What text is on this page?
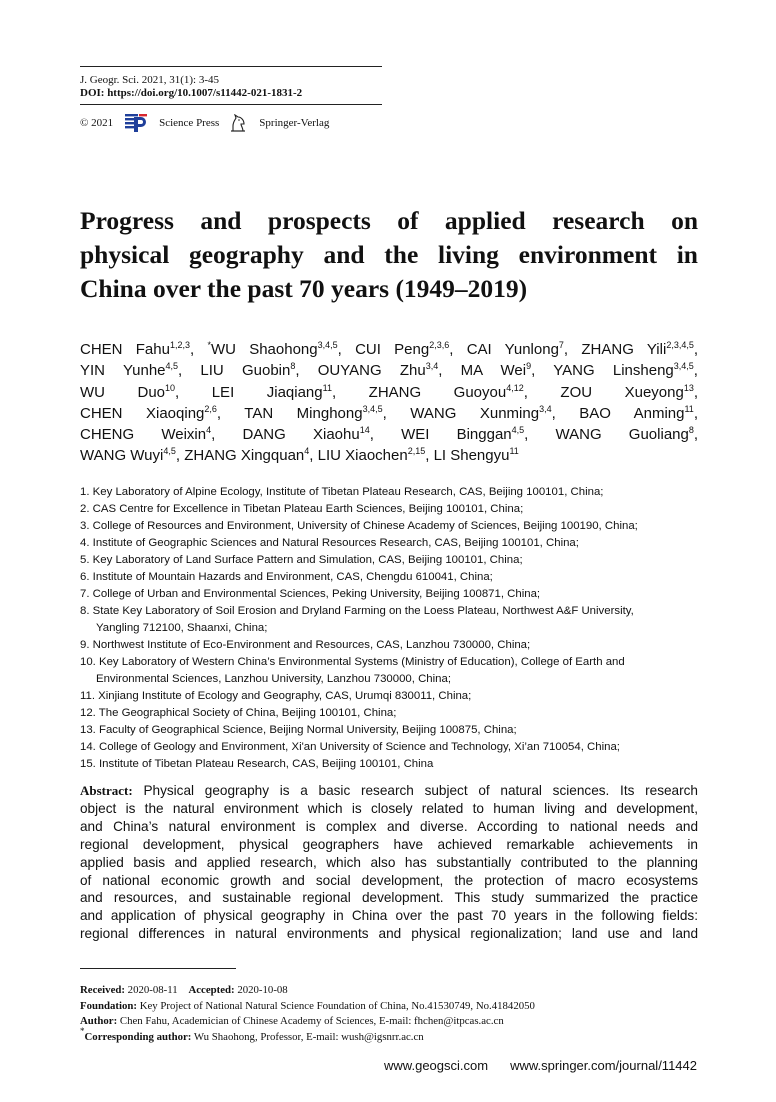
J. Geogr. Sci. 2021, 31(1): 3-45
DOI: https://doi.org/10.1007/s11442-021-1831-2
© 2021	Science Press	Springer-Verlag
Progress and prospects of applied research on
physical geography and the living environment in
China over the past 70 years (1949–2019)
CHEN Fahu$^{1,2,3}$, *WU Shaohong$^{3,4,5}$, CUI Peng$^{2,3,6}$, CAI Yunlong$^7$, ZHANG Yili$^{2,3,4,5}$,
YIN Yunhe$^{4,5}$, LIU Guobin$^8$, OUYANG Zhu$^{3,4}$, MA Wei$^9$, YANG Linsheng$^{3,4,5}$,
WU Duo$^{10}$, LEI Jiaqiang$^{11}$, ZHANG Guoyou$^{4,12}$, ZOU Xueyong$^{13}$,
CHEN Xiaoqing$^{2,6}$, TAN Minghong$^{3,4,5}$, WANG Xunming$^{3,4}$, BAO Anming$^{11}$,
CHENG Weixin$^4$, DANG Xiaohu$^{14}$, WEI Binggan$^{4,5}$, WANG Guoliang$^8$,
WANG Wuyi$^{4,5}$, ZHANG Xingquan$^4$, LIU Xiaochen$^{2,15}$, LI Shengyu$^{11}$
1. Key Laboratory of Alpine Ecology, Institute of Tibetan Plateau Research, CAS, Beijing 100101, China;
2. CAS Centre for Excellence in Tibetan Plateau Earth Sciences, Beijing 100101, China;
3. College of Resources and Environment, University of Chinese Academy of Sciences, Beijing 100190, China;
4. Institute of Geographic Sciences and Natural Resources Research, CAS, Beijing 100101, China;
5. Key Laboratory of Land Surface Pattern and Simulation, CAS, Beijing 100101, China;
6. Institute of Mountain Hazards and Environment, CAS, Chengdu 610041, China;
7. College of Urban and Environmental Sciences, Peking University, Beijing 100871, China;
8. State Key Laboratory of Soil Erosion and Dryland Farming on the Loess Plateau, Northwest A&F University,
Yangling 712100, Shaanxi, China;
9. Northwest Institute of Eco-Environment and Resources, CAS, Lanzhou 730000, China;
10. Key Laboratory of Western China’s Environmental Systems (Ministry of Education), College of Earth and
Environmental Sciences, Lanzhou University, Lanzhou 730000, China;
11. Xinjiang Institute of Ecology and Geography, CAS, Urumqi 830011, China;
12. The Geographical Society of China, Beijing 100101, China;
13. Faculty of Geographical Science, Beijing Normal University, Beijing 100875, China;
14. College of Geology and Environment, Xi'an University of Science and Technology, Xi’an 710054, China;
15. Institute of Tibetan Plateau Research, CAS, Beijing 100101, China
Abstract: Physical geography is a basic research subject of natural sciences. Its research
object is the natural environment which is closely related to human living and development,
and China’s natural environment is complex and diverse. According to national needs and
regional development, physical geographers have achieved remarkable achievements in
applied basis and applied research, which also has substantially contributed to the planning
of national economic growth and social development, the protection of macro ecosystems
and resources, and sustainable regional development. This study summarized the practice
and application of physical geography in China over the past 70 years in the following fields:
regional differences in natural environments and physical regionalization; land use and land
Received: 2020-08-11 Accepted: 2020-10-08
Foundation: Key Project of National Natural Science Foundation of China, No.41530749, No.41842050
Author: Chen Fahu, Academician of Chinese Academy of Sciences, E-mail: fhchen@itpcas.ac.cn
*Corresponding author: Wu Shaohong, Professor, E-mail: wush@igsnrr.ac.cn
www.geogsci.com www.springer.com/journal/11442
